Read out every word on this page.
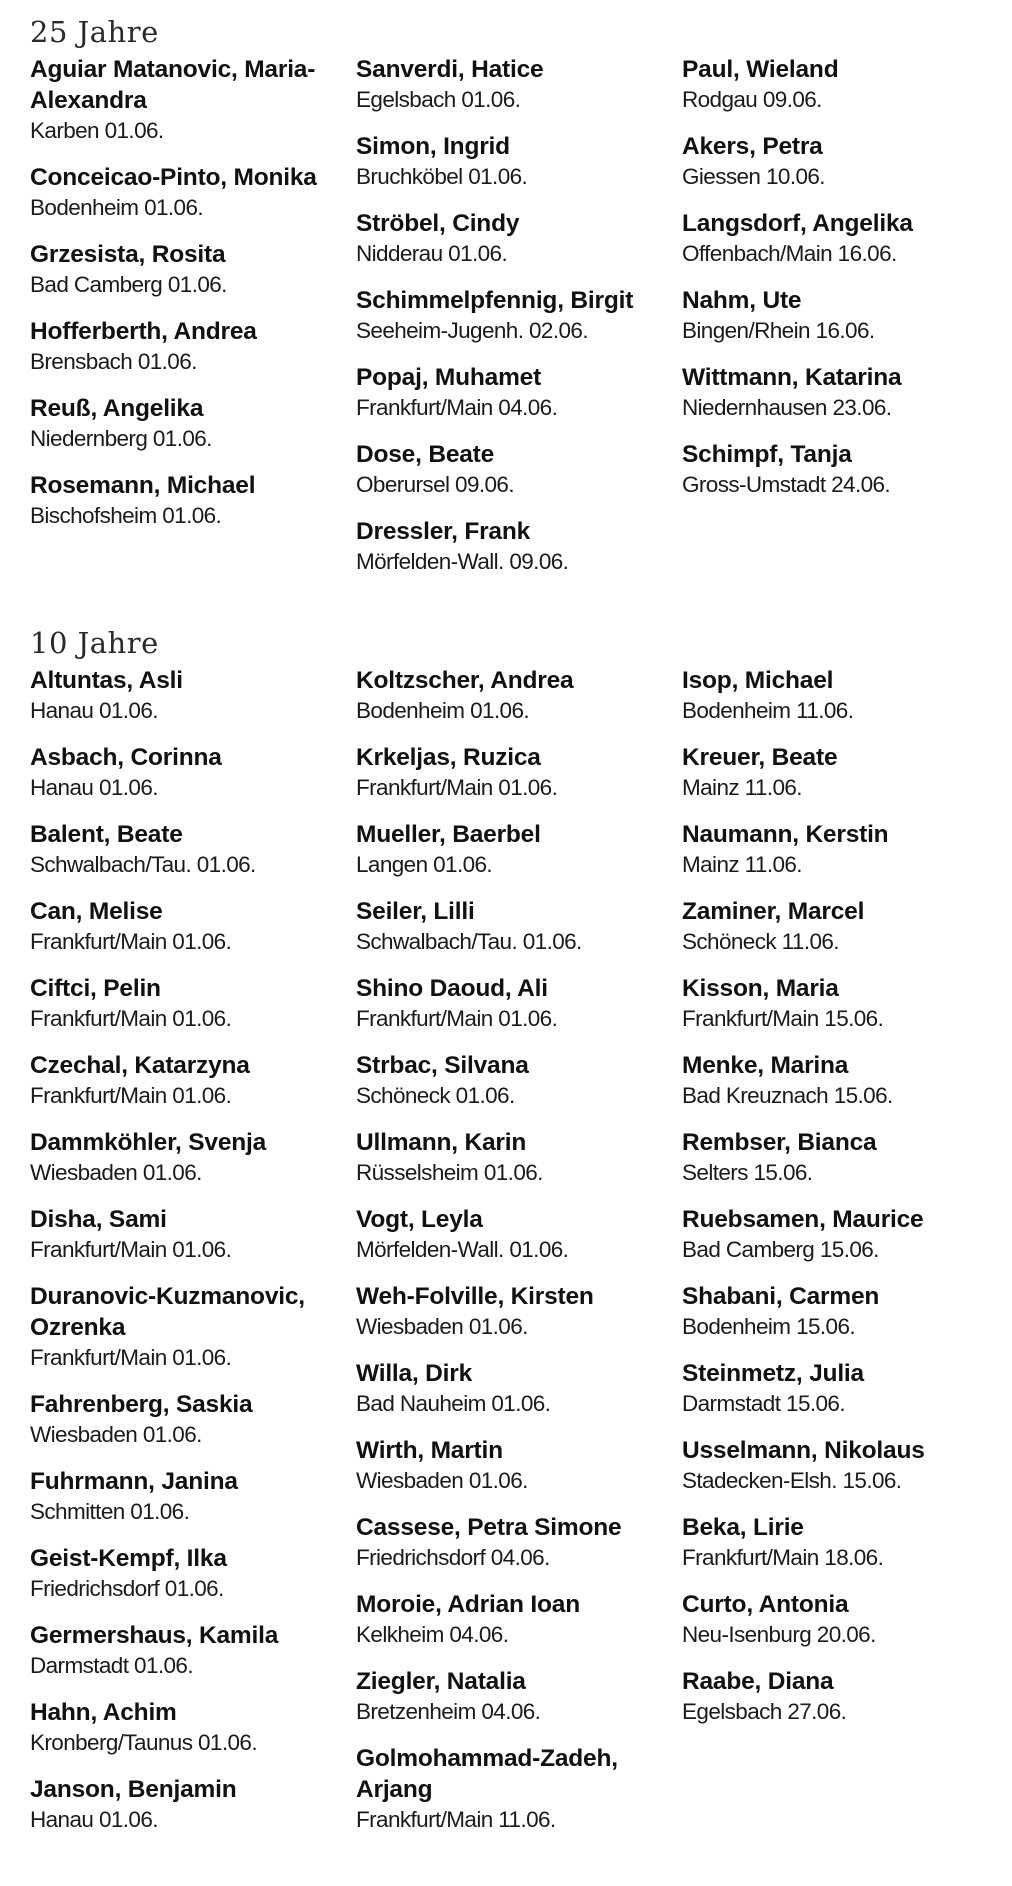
25 Jahre
Aguiar Matanovic, Maria-Alexandra
Karben 01.06.
Conceicao-Pinto, Monika
Bodenheim 01.06.
Grzesista, Rosita
Bad Camberg 01.06.
Hofferberth, Andrea
Brensbach 01.06.
Reuß, Angelika
Niedernberg 01.06.
Rosemann, Michael
Bischofsheim 01.06.
Sanverdi, Hatice
Egelsbach 01.06.
Simon, Ingrid
Bruchköbel 01.06.
Ströbel, Cindy
Nidderau 01.06.
Schimmelpfennig, Birgit
Seeheim-Jugenh. 02.06.
Popaj, Muhamet
Frankfurt/Main 04.06.
Dose, Beate
Oberursel 09.06.
Dressler, Frank
Mörfelden-Wall. 09.06.
Paul, Wieland
Rodgau 09.06.
Akers, Petra
Giessen 10.06.
Langsdorf, Angelika
Offenbach/Main 16.06.
Nahm, Ute
Bingen/Rhein 16.06.
Wittmann, Katarina
Niedernhausen 23.06.
Schimpf, Tanja
Gross-Umstadt 24.06.
10 Jahre
Altuntas, Asli
Hanau 01.06.
Asbach, Corinna
Hanau 01.06.
Balent, Beate
Schwalbach/Tau. 01.06.
Can, Melise
Frankfurt/Main 01.06.
Ciftci, Pelin
Frankfurt/Main 01.06.
Czechal, Katarzyna
Frankfurt/Main 01.06.
Dammköhler, Svenja
Wiesbaden 01.06.
Disha, Sami
Frankfurt/Main 01.06.
Duranovic-Kuzmanovic, Ozrenka
Frankfurt/Main 01.06.
Fahrenberg, Saskia
Wiesbaden 01.06.
Fuhrmann, Janina
Schmitten 01.06.
Geist-Kempf, Ilka
Friedrichsdorf 01.06.
Germershaus, Kamila
Darmstadt 01.06.
Hahn, Achim
Kronberg/Taunus 01.06.
Janson, Benjamin
Hanau 01.06.
Koltzscher, Andrea
Bodenheim 01.06.
Krkeljas, Ruzica
Frankfurt/Main 01.06.
Mueller, Baerbel
Langen 01.06.
Seiler, Lilli
Schwalbach/Tau. 01.06.
Shino Daoud, Ali
Frankfurt/Main 01.06.
Strbac, Silvana
Schöneck 01.06.
Ullmann, Karin
Rüsselsheim 01.06.
Vogt, Leyla
Mörfelden-Wall. 01.06.
Weh-Folville, Kirsten
Wiesbaden 01.06.
Willa, Dirk
Bad Nauheim 01.06.
Wirth, Martin
Wiesbaden 01.06.
Cassese, Petra Simone
Friedrichsdorf 04.06.
Moroie, Adrian Ioan
Kelkheim 04.06.
Ziegler, Natalia
Bretzenheim 04.06.
Golmohammad-Zadeh, Arjang
Frankfurt/Main 11.06.
Isop, Michael
Bodenheim 11.06.
Kreuer, Beate
Mainz 11.06.
Naumann, Kerstin
Mainz 11.06.
Zaminer, Marcel
Schöneck 11.06.
Kisson, Maria
Frankfurt/Main 15.06.
Menke, Marina
Bad Kreuznach 15.06.
Rembser, Bianca
Selters 15.06.
Ruebsamen, Maurice
Bad Camberg 15.06.
Shabani, Carmen
Bodenheim 15.06.
Steinmetz, Julia
Darmstadt 15.06.
Usselmann, Nikolaus
Stadecken-Elsh. 15.06.
Beka, Lirie
Frankfurt/Main 18.06.
Curto, Antonia
Neu-Isenburg 20.06.
Raabe, Diana
Egelsbach 27.06.
